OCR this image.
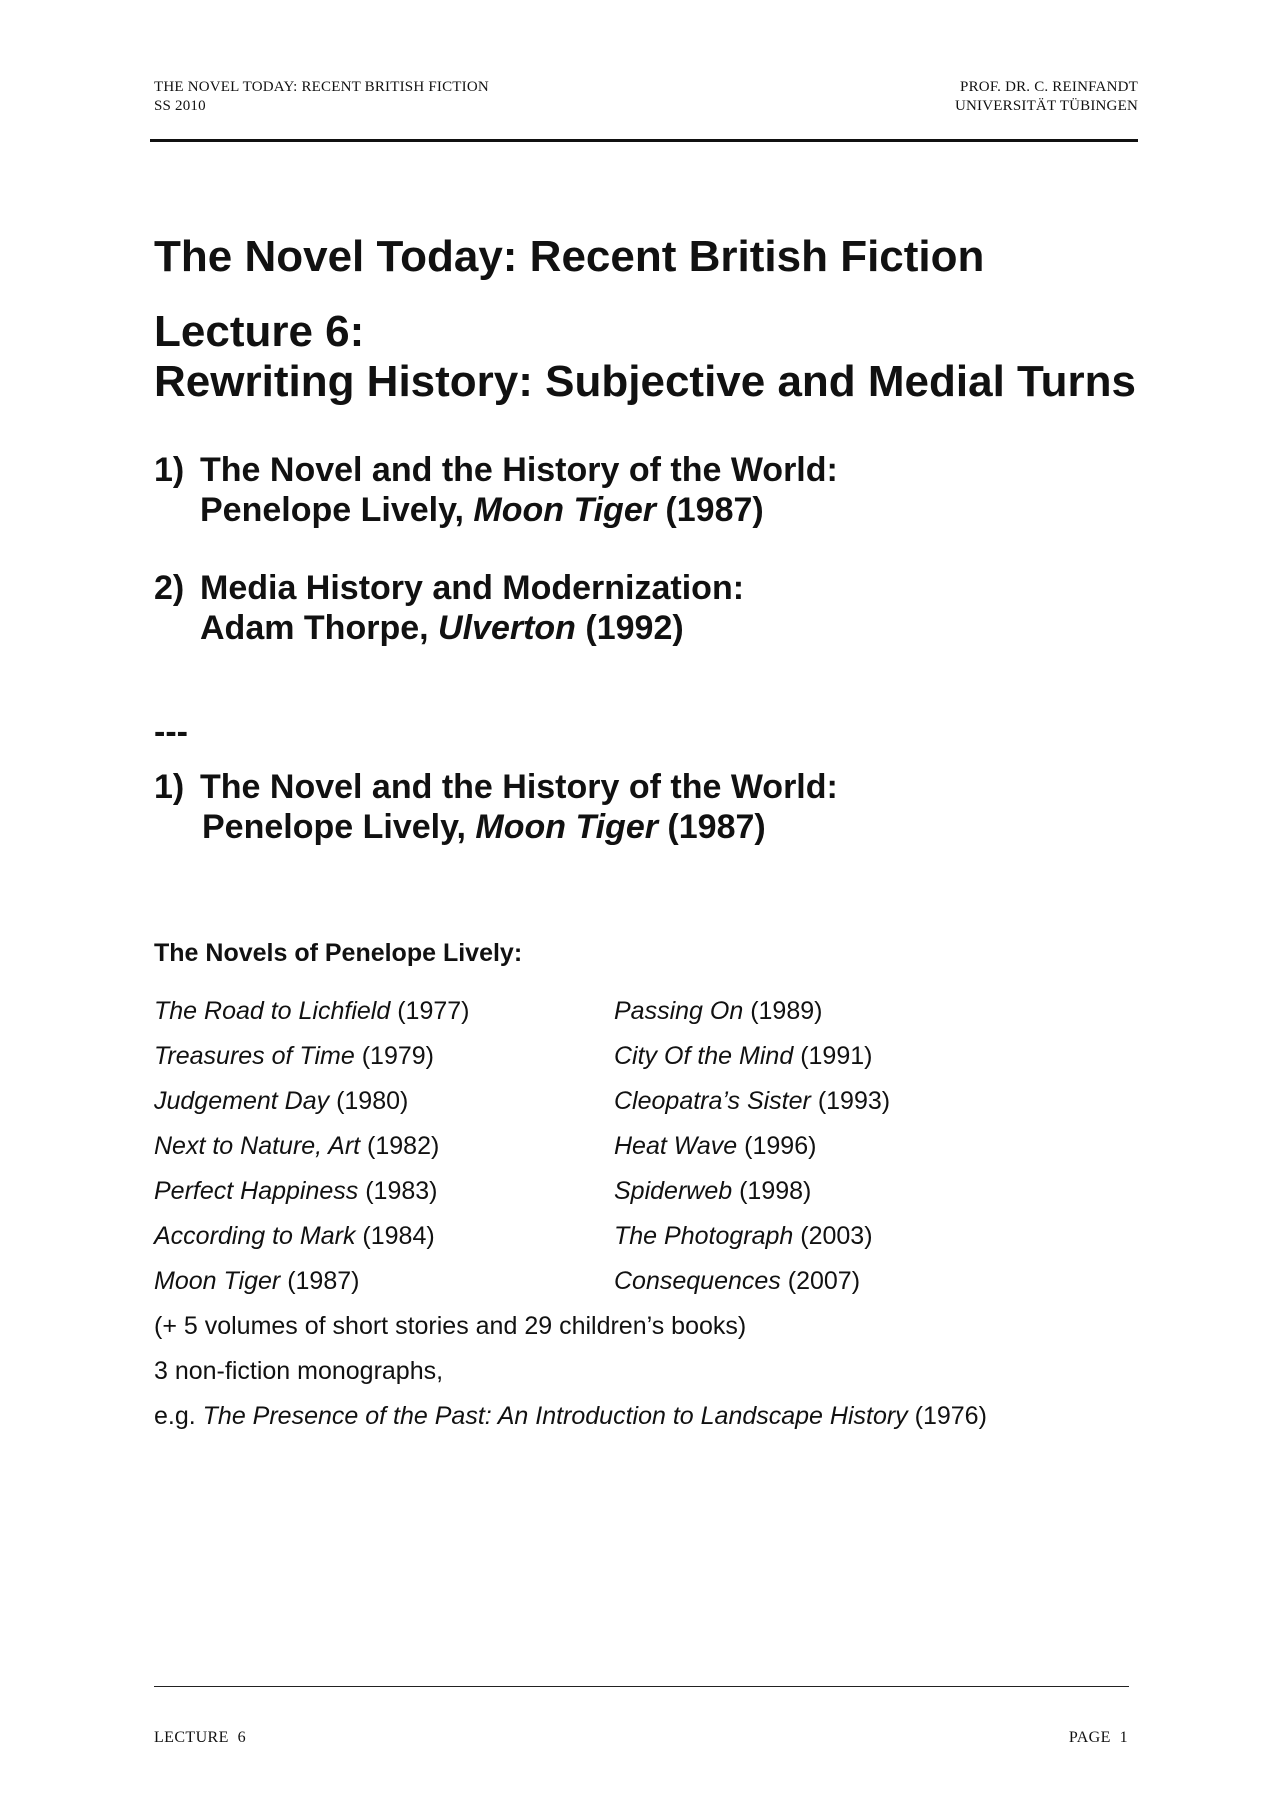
THE NOVEL TODAY: RECENT BRITISH FICTION
SS 2010
PROF. DR. C. REINFANDT
UNIVERSITÄT TÜBINGEN
The Novel Today: Recent British Fiction
Lecture 6:
Rewriting History: Subjective and Medial Turns
1) The Novel and the History of the World:
Penelope Lively, Moon Tiger (1987)
2) Media History and Modernization:
Adam Thorpe, Ulverton (1992)
---
1) The Novel and the History of the World:
Penelope Lively, Moon Tiger (1987)
The Novels of Penelope Lively:
The Road to Lichfield (1977)
Treasures of Time (1979)
Judgement Day (1980)
Next to Nature, Art (1982)
Perfect Happiness (1983)
According to Mark (1984)
Moon Tiger (1987)
Passing On (1989)
City Of the Mind (1991)
Cleopatra’s Sister (1993)
Heat Wave (1996)
Spiderweb (1998)
The Photograph (2003)
Consequences (2007)
(+ 5 volumes of short stories and 29 children’s books)
3 non-fiction monographs,
e.g. The Presence of the Past: An Introduction to Landscape History (1976)
LECTURE  6	PAGE  1
